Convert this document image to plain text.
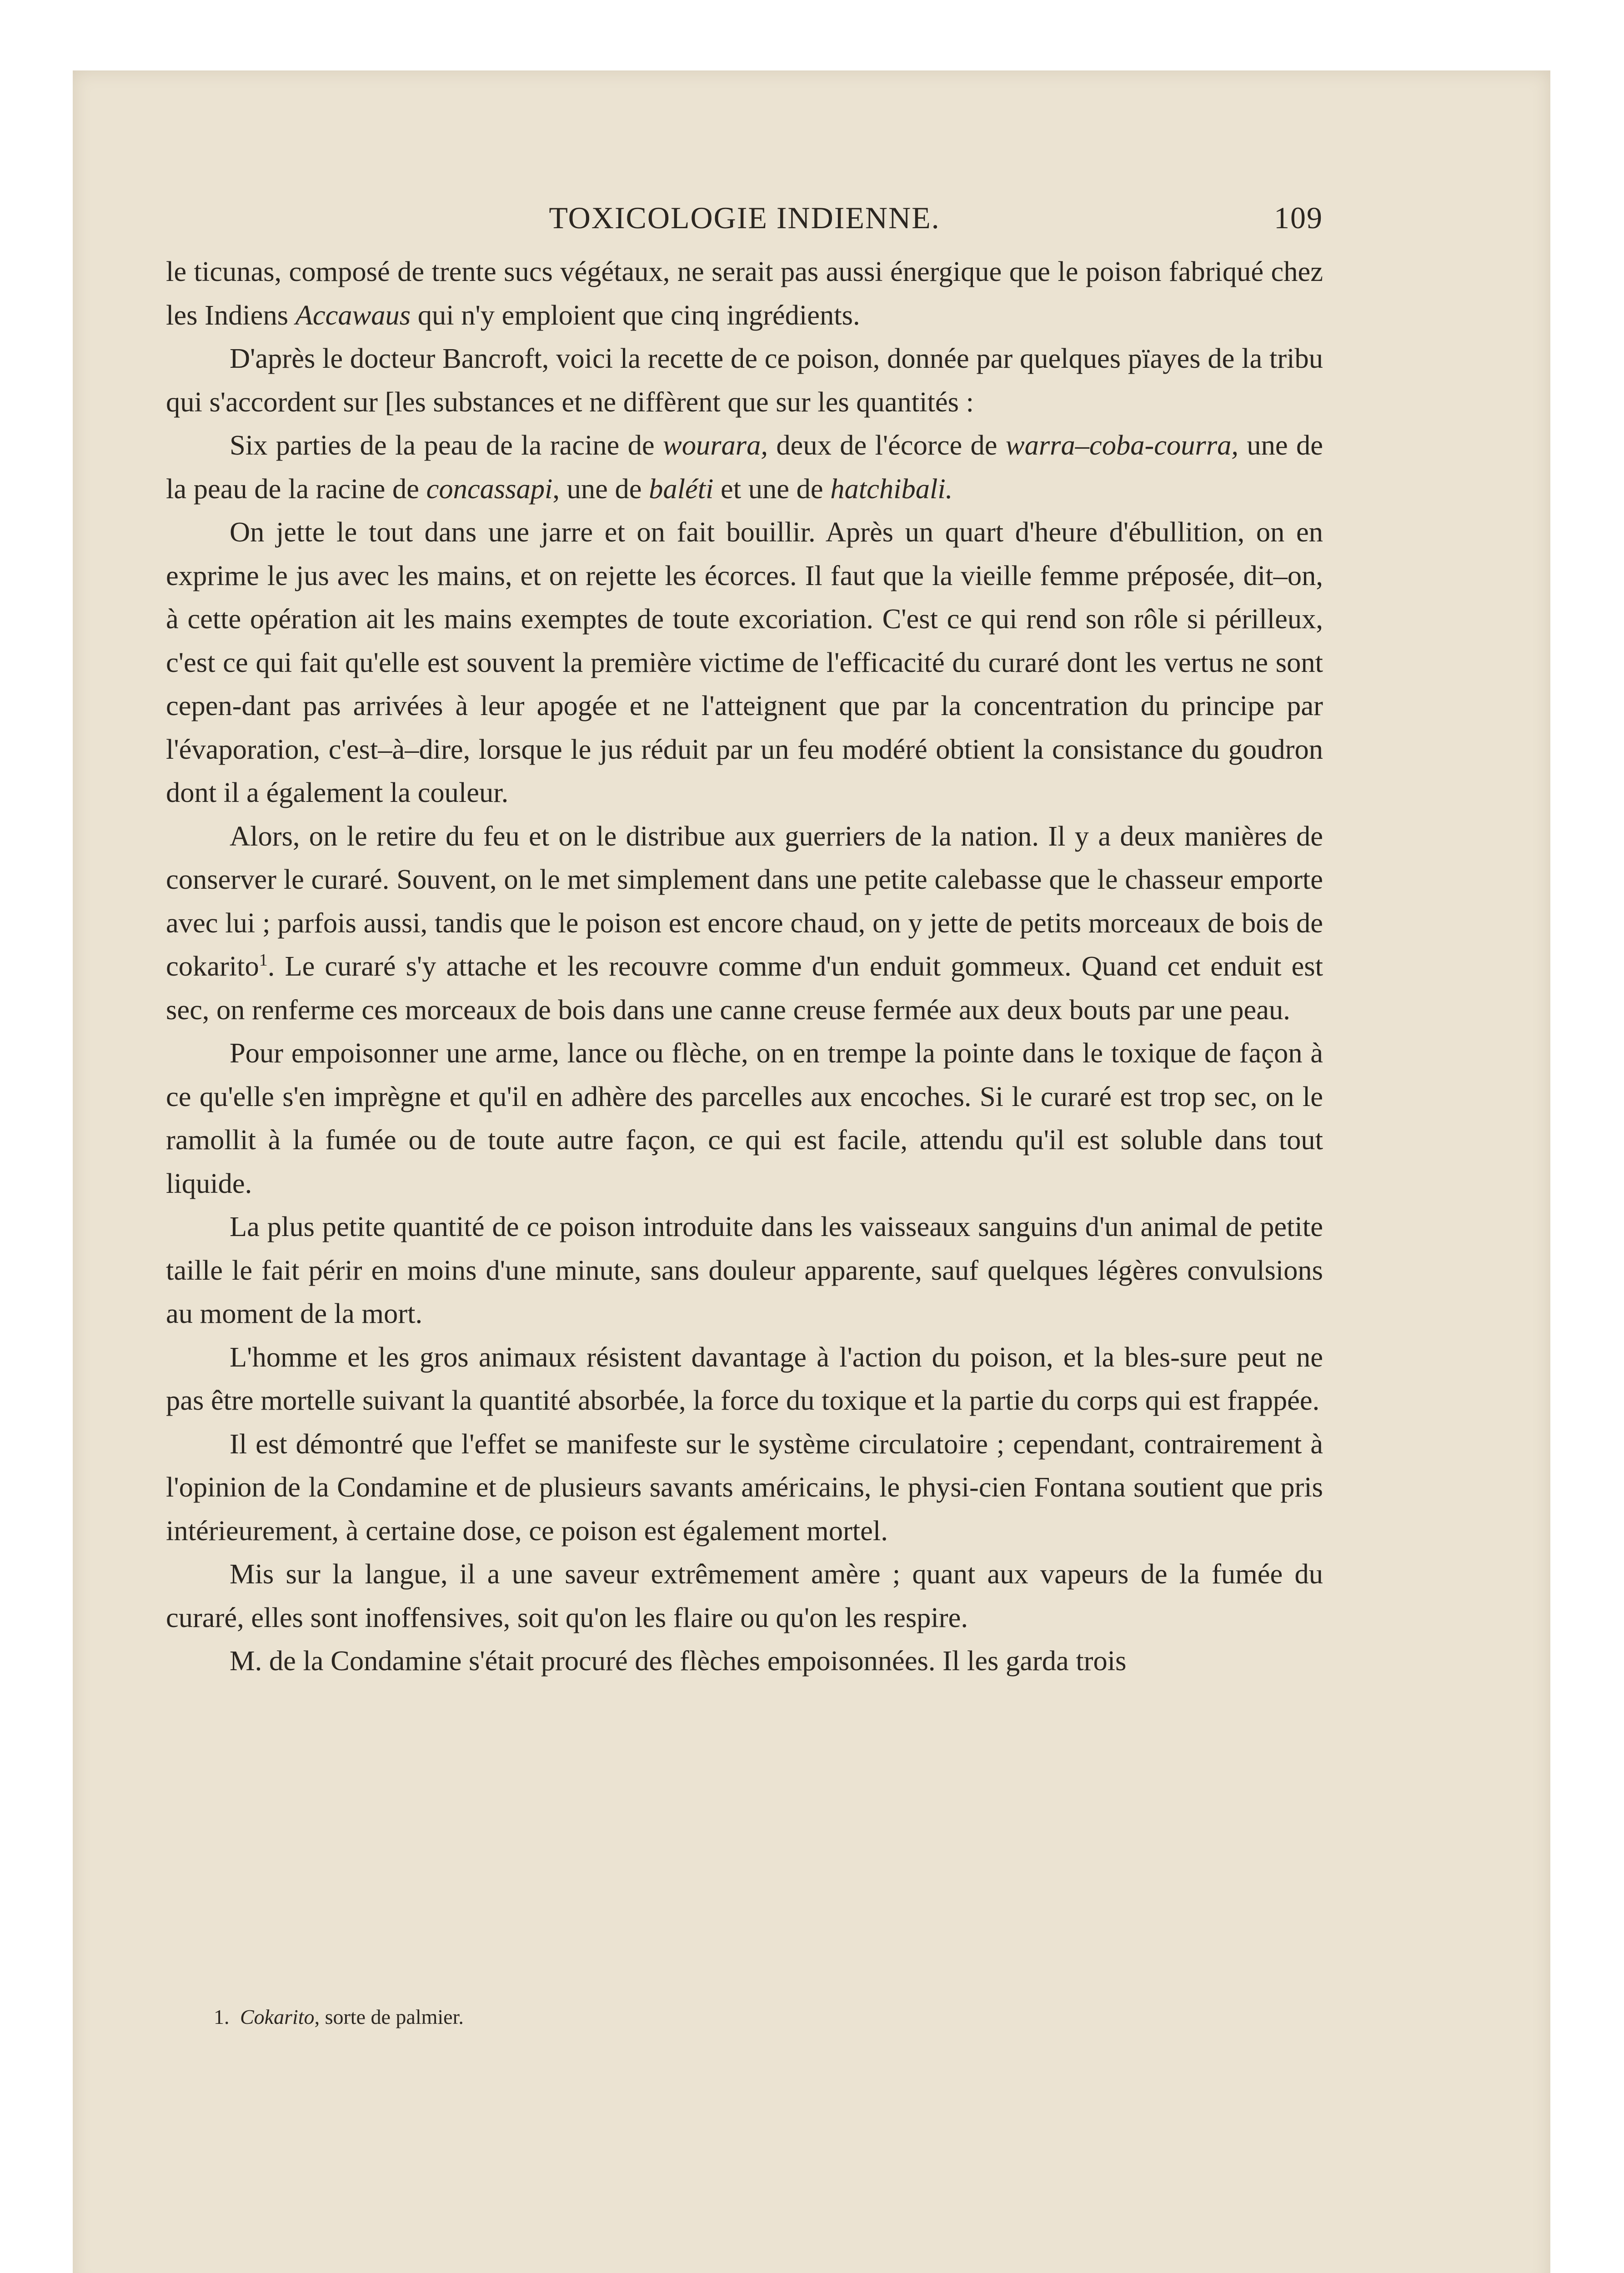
TOXICOLOGIE INDIENNE.	109

le ticunas, composé de trente sucs végétaux, ne serait pas aussi énergique que le poison fabriqué chez les Indiens Accawaus qui n'y emploient que cinq ingrédients.

D'après le docteur Bancroft, voici la recette de ce poison, donnée par quelques pïayes de la tribu qui s'accordent sur [les substances et ne diffèrent que sur les quantités :

Six parties de la peau de la racine de wourara, deux de l'écorce de warra–coba-courra, une de la peau de la racine de concassapi, une de baléti et une de hatchibali.

On jette le tout dans une jarre et on fait bouillir. Après un quart d'heure d'ébullition, on en exprime le jus avec les mains, et on rejette les écorces. Il faut que la vieille femme préposée, dit–on, à cette opération ait les mains exemptes de toute excoriation. C'est ce qui rend son rôle si périlleux, c'est ce qui fait qu'elle est souvent la première victime de l'efficacité du curaré dont les vertus ne sont cepen-dant pas arrivées à leur apogée et ne l'atteignent que par la concentration du principe par l'évaporation, c'est–à–dire, lorsque le jus réduit par un feu modéré obtient la consistance du goudron dont il a également la couleur.

Alors, on le retire du feu et on le distribue aux guerriers de la nation. Il y a deux manières de conserver le curaré. Souvent, on le met simplement dans une petite calebasse que le chasseur emporte avec lui ; parfois aussi, tandis que le poison est encore chaud, on y jette de petits morceaux de bois de cokarito$^1$. Le curaré s'y attache et les recouvre comme d'un enduit gommeux. Quand cet enduit est sec, on renferme ces morceaux de bois dans une canne creuse fermée aux deux bouts par une peau.

Pour empoisonner une arme, lance ou flèche, on en trempe la pointe dans le toxique de façon à ce qu'elle s'en imprègne et qu'il en adhère des parcelles aux encoches. Si le curaré est trop sec, on le ramollit à la fumée ou de toute autre façon, ce qui est facile, attendu qu'il est soluble dans tout liquide.

La plus petite quantité de ce poison introduite dans les vaisseaux sanguins d'un animal de petite taille le fait périr en moins d'une minute, sans douleur apparente, sauf quelques légères convulsions au moment de la mort.

L'homme et les gros animaux résistent davantage à l'action du poison, et la bles-sure peut ne pas être mortelle suivant la quantité absorbée, la force du toxique et la partie du corps qui est frappée.

Il est démontré que l'effet se manifeste sur le système circulatoire ; cependant, contrairement à l'opinion de la Condamine et de plusieurs savants américains, le physi-cien Fontana soutient que pris intérieurement, à certaine dose, ce poison est également mortel.

Mis sur la langue, il a une saveur extrêmement amère ; quant aux vapeurs de la fumée du curaré, elles sont inoffensives, soit qu'on les flaire ou qu'on les respire.

M. de la Condamine s'était procuré des flèches empoisonnées. Il les garda trois

1. Cokarito, sorte de palmier.
